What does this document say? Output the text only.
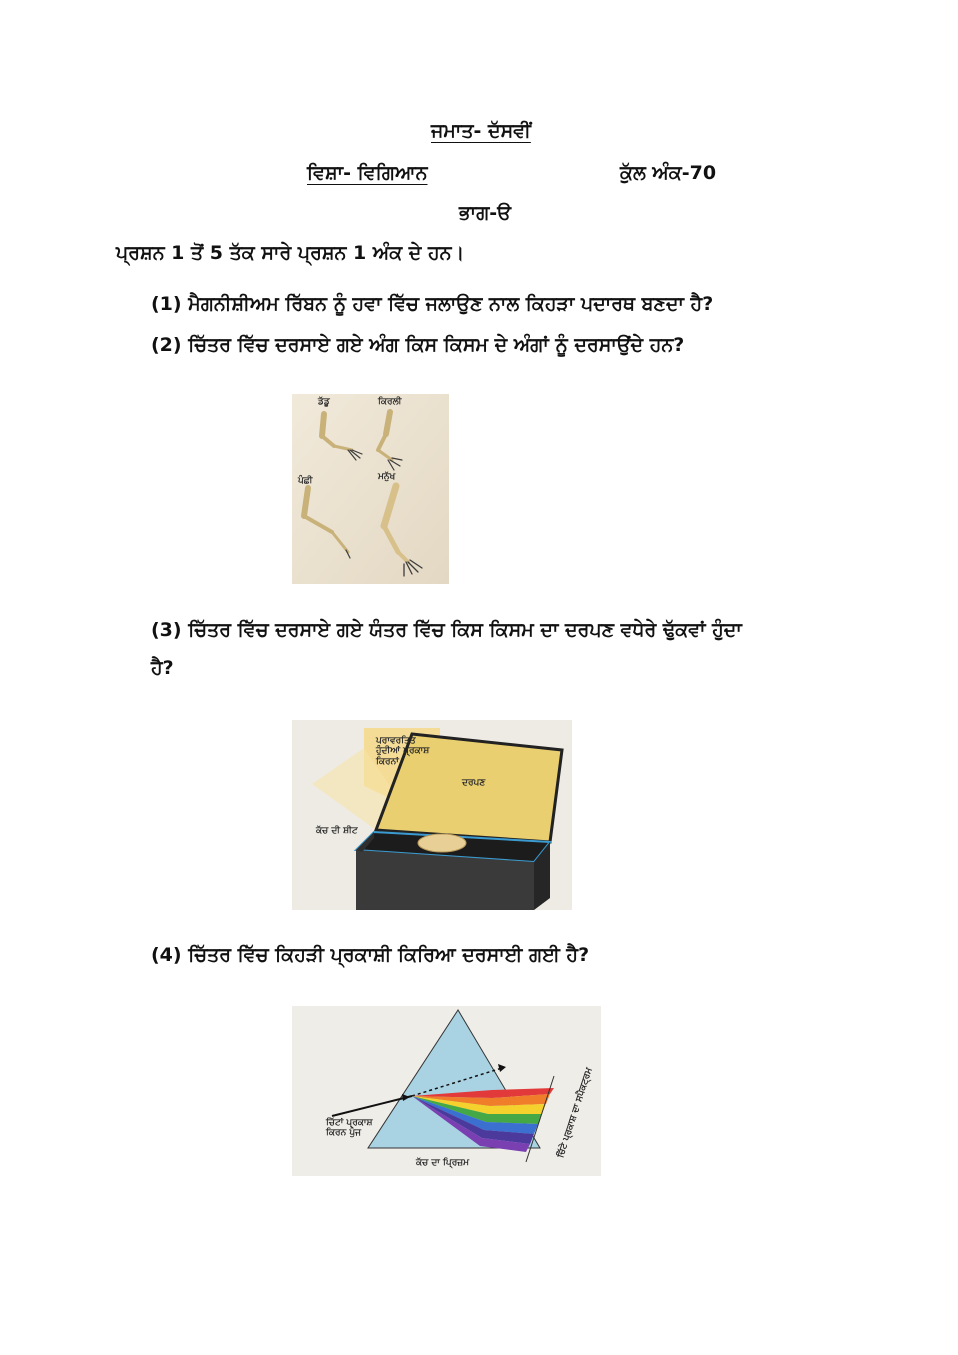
ਜਮਾਤ- ਦੱਸਵੀਂ
ਵਿਸ਼ਾ- ਵਿਗਿਆਨ	ਕੁੱਲ ਅੰਕ-70
ਭਾਗ-ੳ
ਪ੍ਰਸ਼ਨ 1 ਤੋਂ 5 ਤੱਕ ਸਾਰੇ ਪ੍ਰਸ਼ਨ 1 ਅੰਕ ਦੇ ਹਨ।
(1) ਮੈਗਨੀਸ਼ੀਅਮ ਰਿੱਬਨ ਨੂੰ ਹਵਾ ਵਿੱਚ ਜਲਾਉਣ ਨਾਲ ਕਿਹੜਾ ਪਦਾਰਥ ਬਣਦਾ ਹੈ?
(2) ਚਿੱਤਰ ਵਿੱਚ ਦਰਸਾਏ ਗਏ ਅੰਗ ਕਿਸ ਕਿਸਮ ਦੇ ਅੰਗਾਂ ਨੂੰ ਦਰਸਾਉਂਦੇ ਹਨ?
ਡੱਡੂ	ਕਿਰਲੀ
ਪੰਛੀ	ਮਨੁੱਖ
(3) ਚਿੱਤਰ ਵਿੱਚ ਦਰਸਾਏ ਗਏ ਯੰਤਰ ਵਿੱਚ ਕਿਸ ਕਿਸਮ ਦਾ ਦਰਪਣ ਵਧੇਰੇ ਢੁੱਕਵਾਂ ਹੁੰਦਾ
ਹੈ?
ਪਰਾਵਰਤਿਤ ਹੁੰਦੀਆਂ ਪ੍ਰਕਾਸ਼ ਕਿਰਨਾਂ
ਦਰਪਣ
ਕੱਚ ਦੀ ਸ਼ੀਟ
(4) ਚਿੱਤਰ ਵਿੱਚ ਕਿਹੜੀ ਪ੍ਰਕਾਸ਼ੀ ਕਿਰਿਆ ਦਰਸਾਈ ਗਈ ਹੈ?
ਚਿੱਟਾਂ ਪ੍ਰਕਾਸ਼ ਕਿਰਨ ਪੁੰਜ
ਕੱਚ ਦਾ ਪ੍ਰਿਜ਼ਮ
ਚਿੱਟੇ ਪ੍ਰਕਾਸ਼ ਦਾ ਸਪੈਕਟ੍ਰਮ
